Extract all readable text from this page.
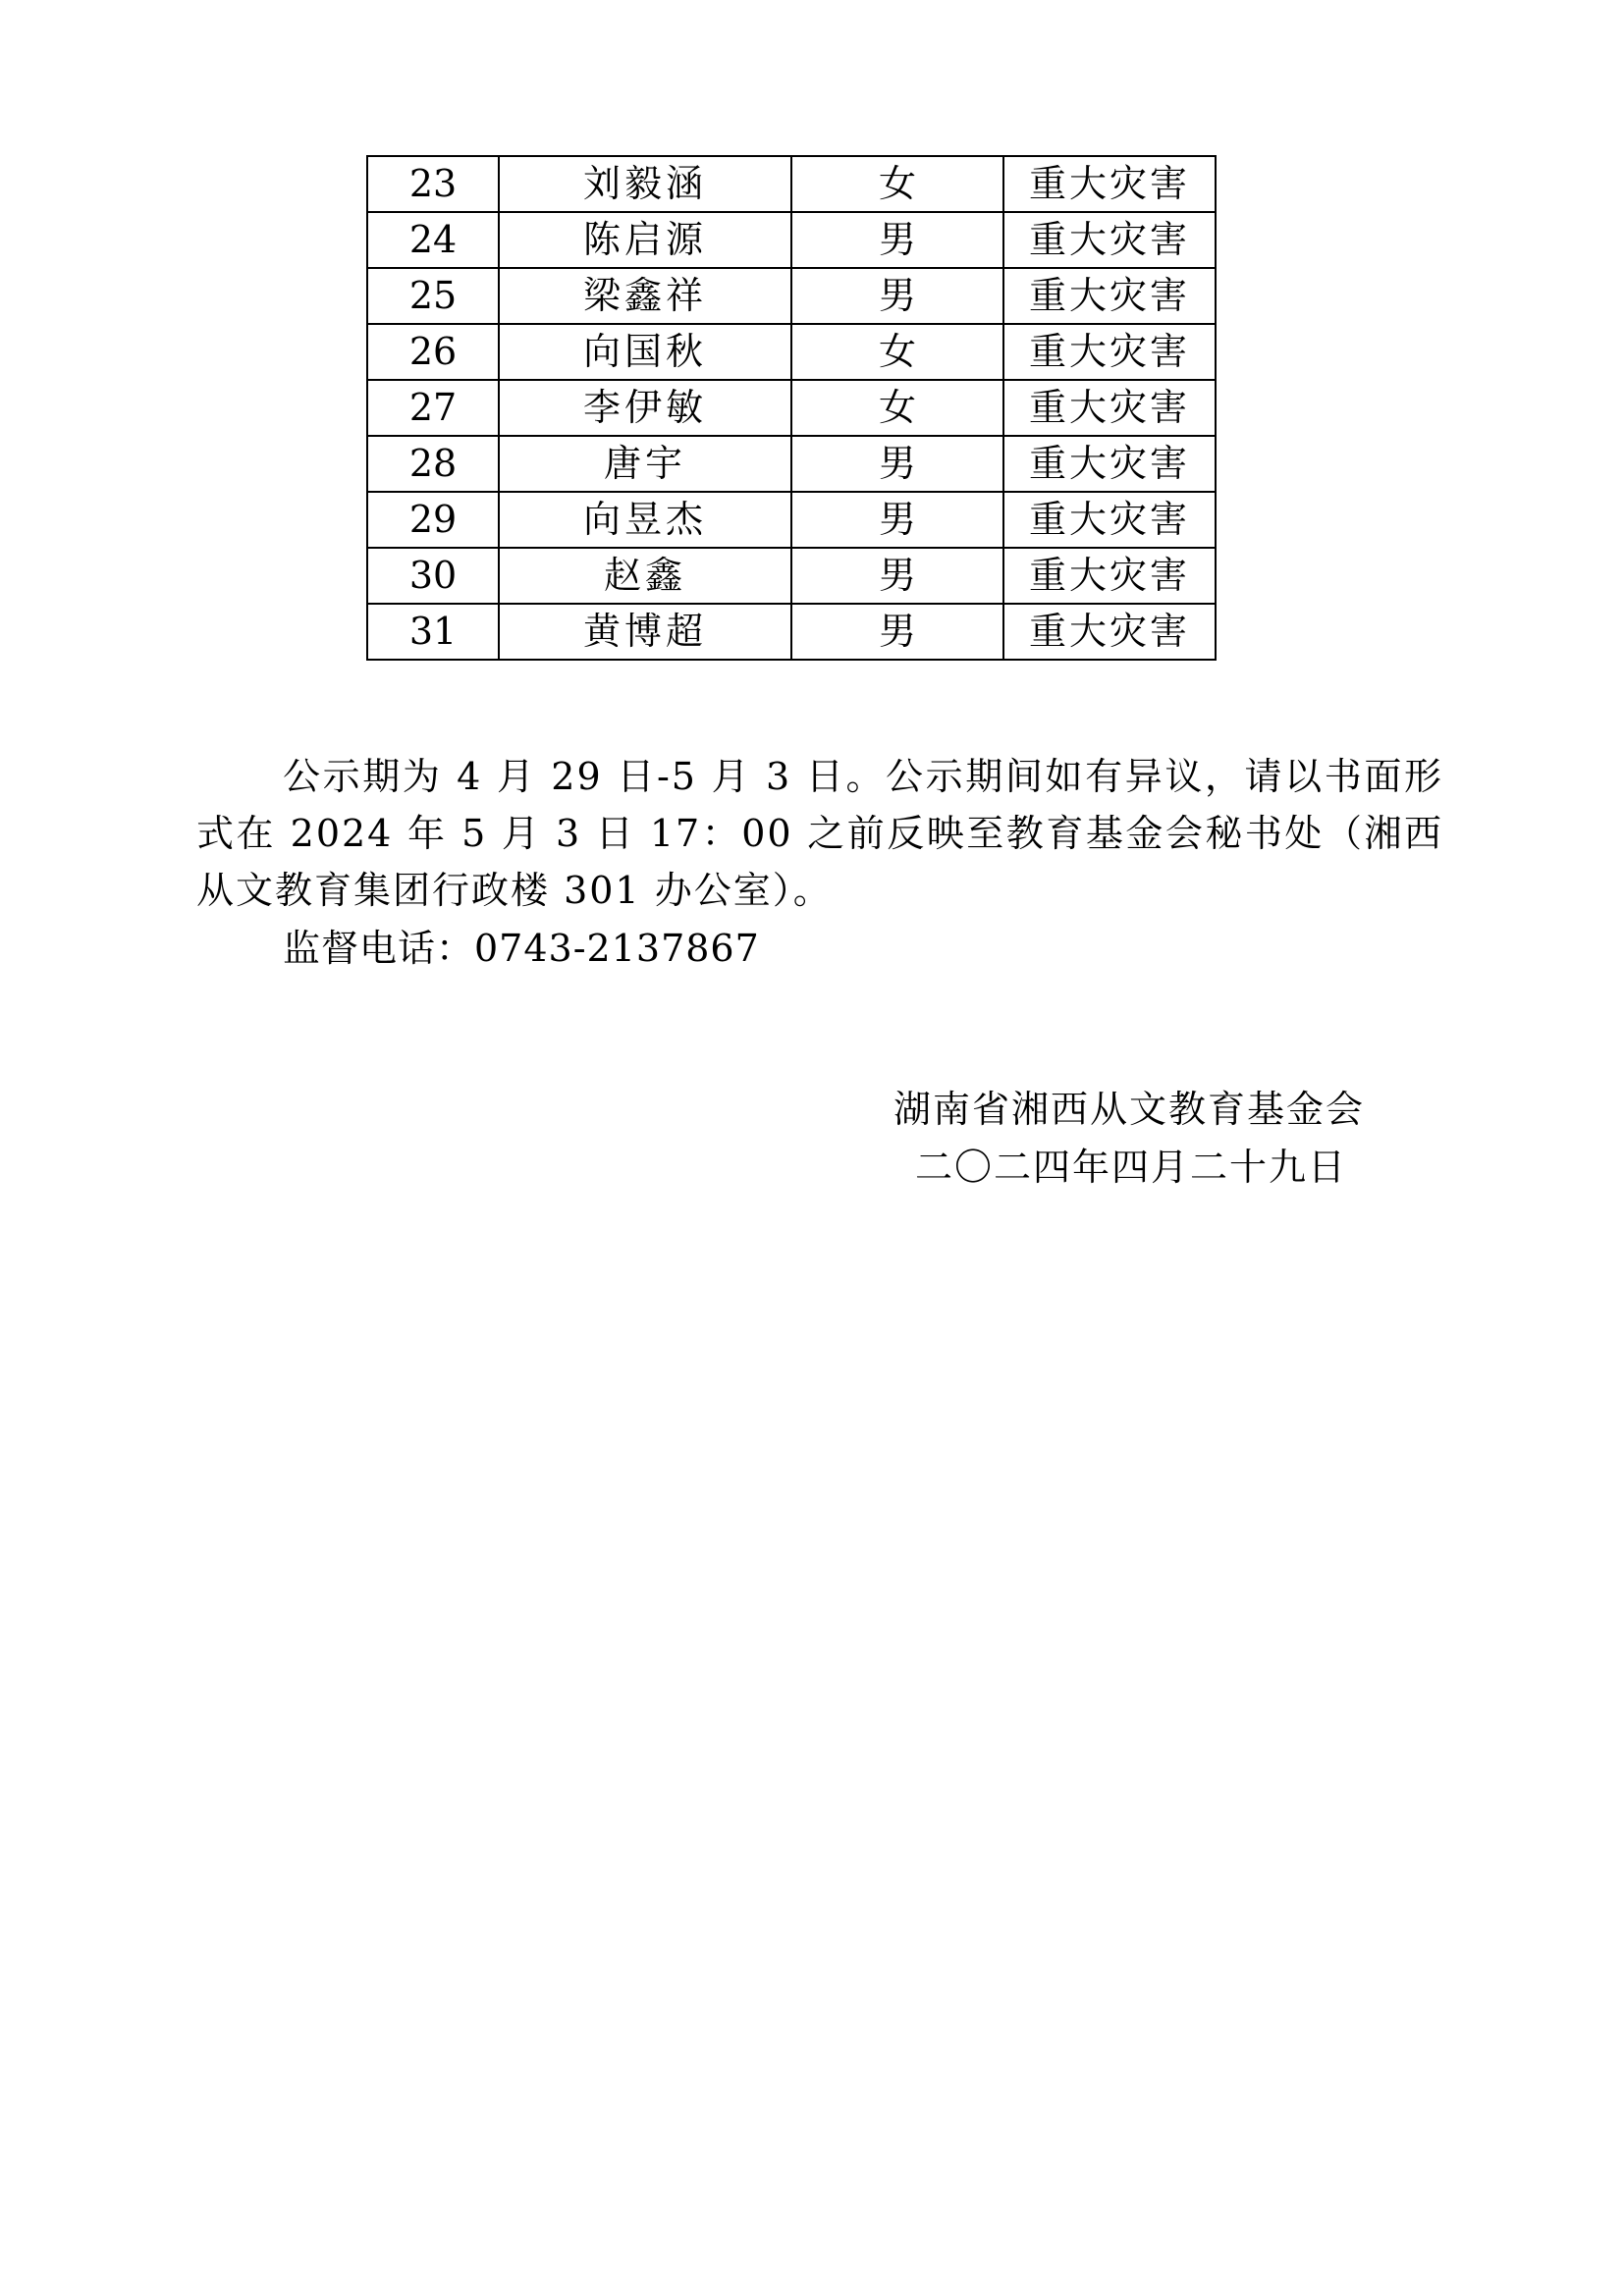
23	刘毅涵	女	重大灾害
24	陈启源	男	重大灾害
25	梁鑫祥	男	重大灾害
26	向国秋	女	重大灾害
27	李伊敏	女	重大灾害
28	唐宇	男	重大灾害
29	向昱杰	男	重大灾害
30	赵鑫	男	重大灾害
31	黄博超	男	重大灾害

公示期为 4 月 29 日-5 月 3 日。公示期间如有异议，请以书面形式在 2024 年 5 月 3 日 17：00 之前反映至教育基金会秘书处（湘西从文教育集团行政楼 301 办公室）。

监督电话：0743-2137867
湖南省湘西从文教育基金会
二〇二四年四月二十九日
